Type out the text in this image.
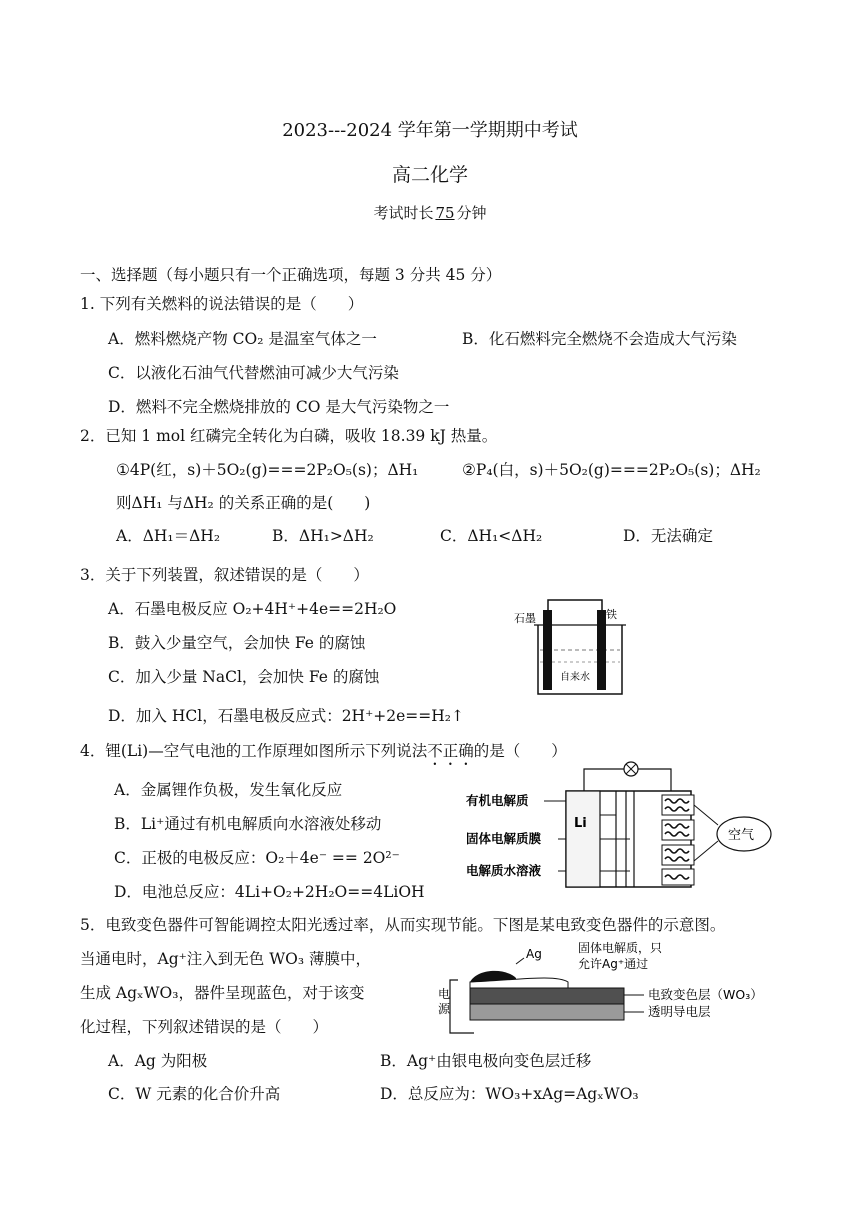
2023---2024 学年第一学期期中考试
高二化学
考试时长 75 分钟
一、选择题（每小题只有一个正确选项，每题 3 分共 45 分）
1. 下列有关燃料的说法错误的是（　　）
A．燃料燃烧产物 CO₂ 是温室气体之一	B．化石燃料完全燃烧不会造成大气污染
C．以液化石油气代替燃油可减少大气污染
D．燃料不完全燃烧排放的 CO 是大气污染物之一
2．已知 1 mol 红磷完全转化为白磷，吸收 18.39 kJ 热量。
①4P(红，s)＋5O₂(g)===2P₂O₅(s)；ΔH₁	②P₄(白，s)＋5O₂(g)===2P₂O₅(s)；ΔH₂
则ΔH₁ 与ΔH₂ 的关系正确的是(　　)
A．ΔH₁＝ΔH₂	B．ΔH₁>ΔH₂	C．ΔH₁<ΔH₂	D．无法确定
3．关于下列装置，叙述错误的是（　　）
A．石墨电极反应 O₂+4H⁺+4e==2H₂O
B．鼓入少量空气，会加快 Fe 的腐蚀
C．加入少量 NaCl，会加快 Fe 的腐蚀
D．加入 HCl，石墨电极反应式：2H⁺+2e==H₂↑
石墨	铁
自来水
4．锂(Li)—空气电池的工作原理如图所示下列说法不正确的是（　　）
A．金属锂作负极，发生氧化反应
B．Li⁺通过有机电解质向水溶液处移动
C．正极的电极反应：O₂＋4e⁻ == 2O²⁻
D．电池总反应：4Li+O₂+2H₂O==4LiOH
有机电解质
固体电解质膜
电解质水溶液
Li
空气
5．电致变色器件可智能调控太阳光透过率，从而实现节能。下图是某电致变色器件的示意图。
当通电时，Ag⁺注入到无色 WO₃ 薄膜中，
生成 AgₓWO₃，器件呈现蓝色，对于该变
化过程，下列叙述错误的是（　　）
A．Ag 为阳极	B．Ag⁺由银电极向变色层迁移
C．W 元素的化合价升高	D．总反应为：WO₃+xAg=AgₓWO₃
电
源
Ag	固体电解质，只
允许Ag⁺通过
电致变色层（WO₃）
透明导电层
